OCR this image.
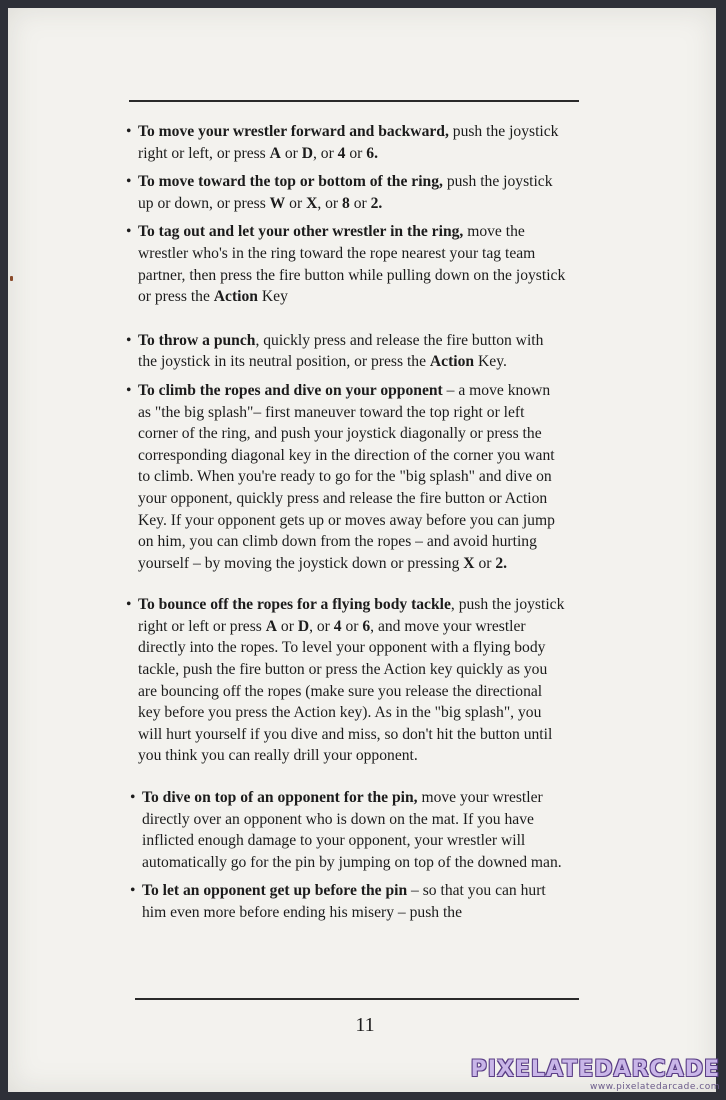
• To move your wrestler forward and backward, push the joystick right or left, or press A or D, or 4 or 6.

• To move toward the top or bottom of the ring, push the joystick up or down, or press W or X, or 8 or 2.

• To tag out and let your other wrestler in the ring, move the wrestler who's in the ring toward the rope nearest your tag team partner, then press the fire button while pulling down on the joystick or press the Action Key

• To throw a punch, quickly press and release the fire button with the joystick in its neutral position, or press the Action Key.

• To climb the ropes and dive on your opponent – a move known as "the big splash"– first maneuver toward the top right or left corner of the ring, and push your joystick diagonally or press the corresponding diagonal key in the direction of the corner you want to climb. When you're ready to go for the "big splash" and dive on your opponent, quickly press and release the fire button or Action Key. If your opponent gets up or moves away before you can jump on him, you can climb down from the ropes – and avoid hurting yourself – by moving the joystick down or pressing X or 2.

• To bounce off the ropes for a flying body tackle, push the joystick right or left or press A or D, or 4 or 6, and move your wrestler directly into the ropes. To level your opponent with a flying body tackle, push the fire button or press the Action key quickly as you are bouncing off the ropes (make sure you release the directional key before you press the Action key). As in the "big splash", you will hurt yourself if you dive and miss, so don't hit the button until you think you can really drill your opponent.

• To dive on top of an opponent for the pin, move your wrestler directly over an opponent who is down on the mat. If you have inflicted enough damage to your opponent, your wrestler will automatically go for the pin by jumping on top of the downed man.

• To let an opponent get up before the pin – so that you can hurt him even more before ending his misery – push the

11
PIXELATEDARCADE
www.pixelatedarcade.com
